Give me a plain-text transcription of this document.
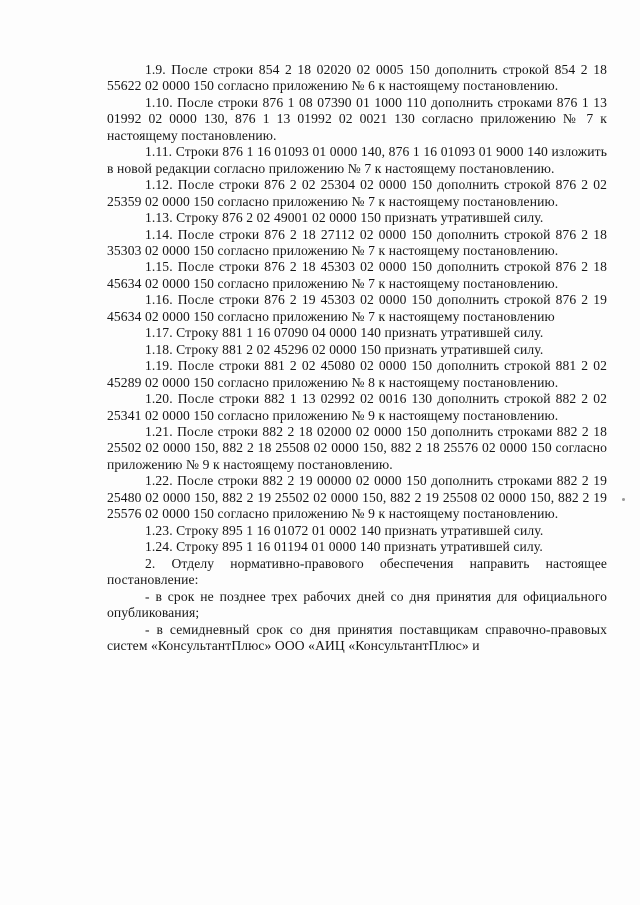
1.9. После строки 854 2 18 02020 02 0005 150 дополнить строкой 854 2 18 55622 02 0000 150 согласно приложению № 6 к настоящему постановлению.

1.10. После строки 876 1 08 07390 01 1000 110 дополнить строками 876 1 13 01992 02 0000 130, 876 1 13 01992 02 0021 130 согласно приложению № 7 к настоящему постановлению.

1.11. Строки 876 1 16 01093 01 0000 140, 876 1 16 01093 01 9000 140 изложить в новой редакции согласно приложению № 7 к настоящему постановлению.

1.12. После строки 876 2 02 25304 02 0000 150 дополнить строкой 876 2 02 25359 02 0000 150 согласно приложению № 7 к настоящему постановлению.

1.13. Строку 876 2 02 49001 02 0000 150 признать утратившей силу.

1.14. После строки 876 2 18 27112 02 0000 150 дополнить строкой 876 2 18 35303 02 0000 150 согласно приложению № 7 к настоящему постановлению.

1.15. После строки 876 2 18 45303 02 0000 150 дополнить строкой 876 2 18 45634 02 0000 150 согласно приложению № 7 к настоящему постановлению.

1.16. После строки 876 2 19 45303 02 0000 150 дополнить строкой 876 2 19 45634 02 0000 150 согласно приложению № 7 к настоящему постановлению

1.17. Строку 881 1 16 07090 04 0000 140 признать утратившей силу.

1.18. Строку 881 2 02 45296 02 0000 150 признать утратившей силу.

1.19. После строки 881 2 02 45080 02 0000 150 дополнить строкой 881 2 02 45289 02 0000 150 согласно приложению № 8 к настоящему постановлению.

1.20. После строки 882 1 13 02992 02 0016 130 дополнить строкой 882 2 02 25341 02 0000 150 согласно приложению № 9 к настоящему постановлению.

1.21. После строки 882 2 18 02000 02 0000 150 дополнить строками 882 2 18 25502 02 0000 150, 882 2 18 25508 02 0000 150, 882 2 18 25576 02 0000 150 согласно приложению № 9 к настоящему постановлению.

1.22. После строки 882 2 19 00000 02 0000 150 дополнить строками 882 2 19 25480 02 0000 150, 882 2 19 25502 02 0000 150, 882 2 19 25508 02 0000 150, 882 2 19 25576 02 0000 150 согласно приложению № 9 к настоящему постановлению.

1.23. Строку 895 1 16 01072 01 0002 140 признать утратившей силу.

1.24. Строку 895 1 16 01194 01 0000 140 признать утратившей силу.

2. Отделу нормативно-правового обеспечения направить настоящее постановление:

- в срок не позднее трех рабочих дней со дня принятия для официального опубликования;

- в семидневный срок со дня принятия поставщикам справочно-правовых систем «КонсультантПлюс» ООО «АИЦ «КонсультантПлюс» и
